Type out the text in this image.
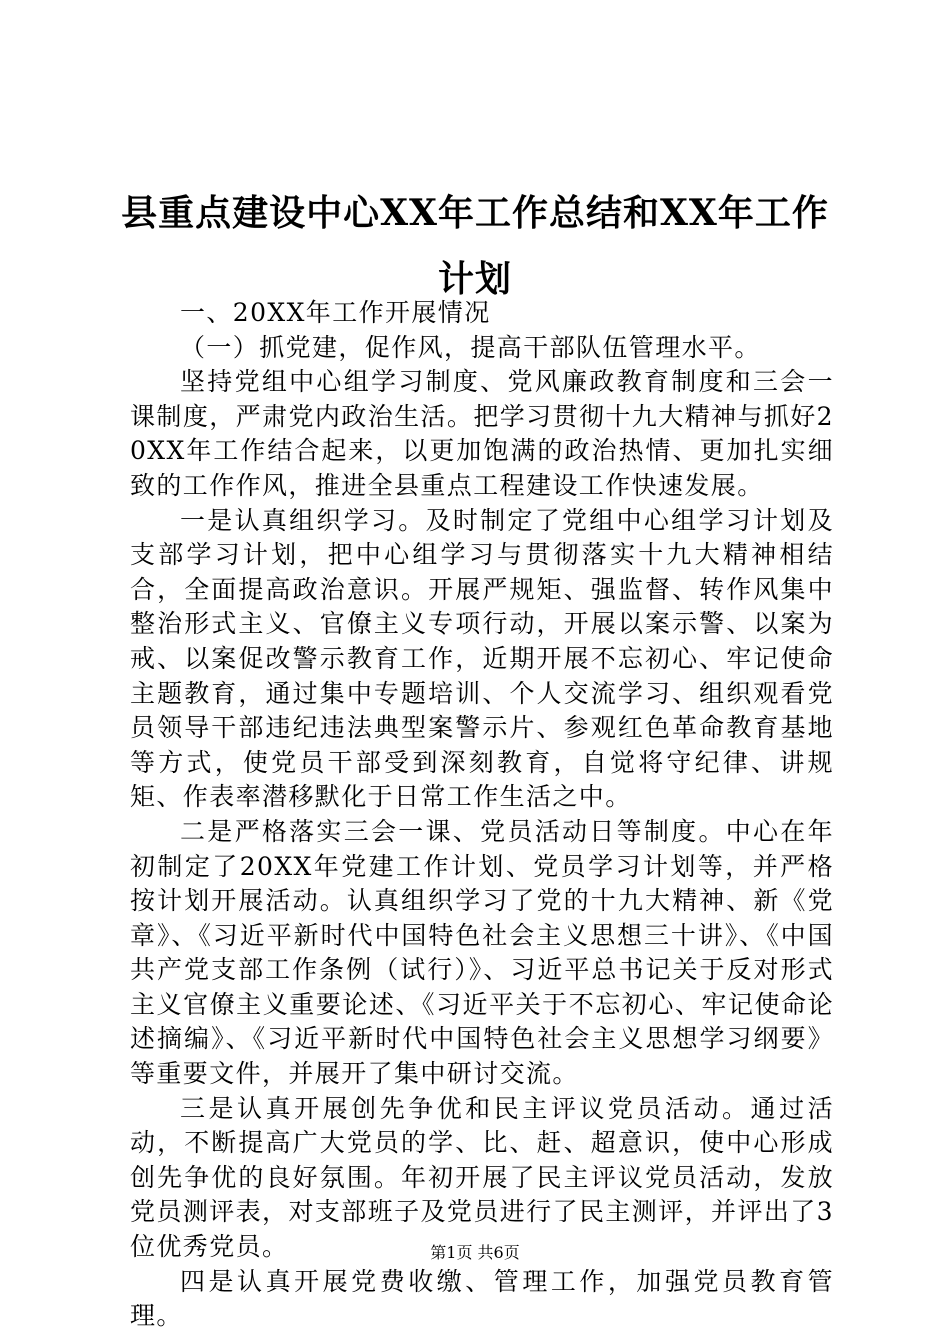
县重点建设中心XX年工作总结和XX年工作计划

一、20XX年工作开展情况

（一）抓党建，促作风，提高干部队伍管理水平。

坚持党组中心组学习制度、党风廉政教育制度和三会一课制度，严肃党内政治生活。把学习贯彻十九大精神与抓好20XX年工作结合起来，以更加饱满的政治热情、更加扎实细致的工作作风，推进全县重点工程建设工作快速发展。

一是认真组织学习。及时制定了党组中心组学习计划及支部学习计划，把中心组学习与贯彻落实十九大精神相结合，全面提高政治意识。开展严规矩、强监督、转作风集中整治形式主义、官僚主义专项行动，开展以案示警、以案为戒、以案促改警示教育工作，近期开展不忘初心、牢记使命主题教育，通过集中专题培训、个人交流学习、组织观看党员领导干部违纪违法典型案警示片、参观红色革命教育基地等方式，使党员干部受到深刻教育，自觉将守纪律、讲规矩、作表率潜移默化于日常工作生活之中。

二是严格落实三会一课、党员活动日等制度。中心在年初制定了20XX年党建工作计划、党员学习计划等，并严格按计划开展活动。认真组织学习了党的十九大精神、新《党章》、《习近平新时代中国特色社会主义思想三十讲》、《中国共产党支部工作条例（试行）》、习近平总书记关于反对形式主义官僚主义重要论述、《习近平关于不忘初心、牢记使命论述摘编》、《习近平新时代中国特色社会主义思想学习纲要》等重要文件，并展开了集中研讨交流。

三是认真开展创先争优和民主评议党员活动。通过活动，不断提高广大党员的学、比、赶、超意识，使中心形成创先争优的良好氛围。年初开展了民主评议党员活动，发放党员测评表，对支部班子及党员进行了民主测评，并评出了3位优秀党员。

四是认真开展党费收缴、管理工作，加强党员教育管理。

第1页 共6页
